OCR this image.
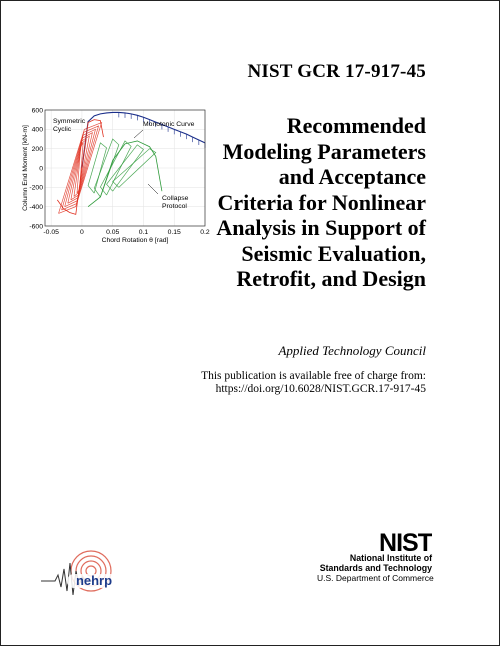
NIST GCR 17-917-45
Recommended
Modeling Parameters
and Acceptance
Criteria for Nonlinear
Analysis in Support of
Seismic Evaluation,
Retrofit, and Design
-0.05	0	0.05	0.1	0.15	0.2
600
400
200
0
-200
-400
-600
Chord Rotation θ [rad]
Column End Moment [kN-m]
Symmetric
Cyclic
Monotonic Curve
Collapse
Protocol
Applied Technology Council
This publication is available free of charge from:
https://doi.org/10.6028/NIST.GCR.17-917-45
nehrp
NIST
National Institute of
Standards and Technology
U.S. Department of Commerce
